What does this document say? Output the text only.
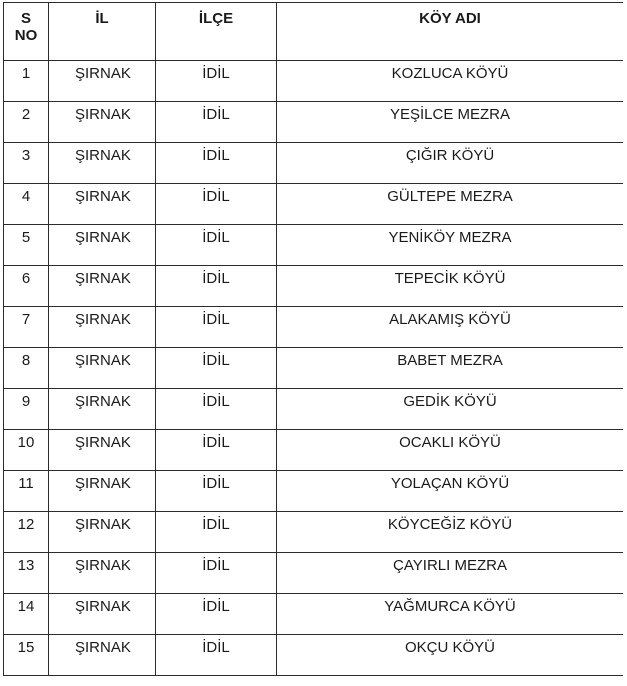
S
NO	İL	İLÇE	KÖY ADI
1	ŞIRNAK	İDİL	KOZLUCA KÖYÜ
2	ŞIRNAK	İDİL	YEŞİLCE MEZRA
3	ŞIRNAK	İDİL	ÇIĞIR KÖYÜ
4	ŞIRNAK	İDİL	GÜLTEPE MEZRA
5	ŞIRNAK	İDİL	YENİKÖY MEZRA
6	ŞIRNAK	İDİL	TEPECİK KÖYÜ
7	ŞIRNAK	İDİL	ALAKAMIŞ KÖYÜ
8	ŞIRNAK	İDİL	BABET MEZRA
9	ŞIRNAK	İDİL	GEDİK KÖYÜ
10	ŞIRNAK	İDİL	OCAKLI KÖYÜ
11	ŞIRNAK	İDİL	YOLAÇAN KÖYÜ
12	ŞIRNAK	İDİL	KÖYCEĞİZ KÖYÜ
13	ŞIRNAK	İDİL	ÇAYIRLI MEZRA
14	ŞIRNAK	İDİL	YAĞMURCA KÖYÜ
15	ŞIRNAK	İDİL	OKÇU KÖYÜ
